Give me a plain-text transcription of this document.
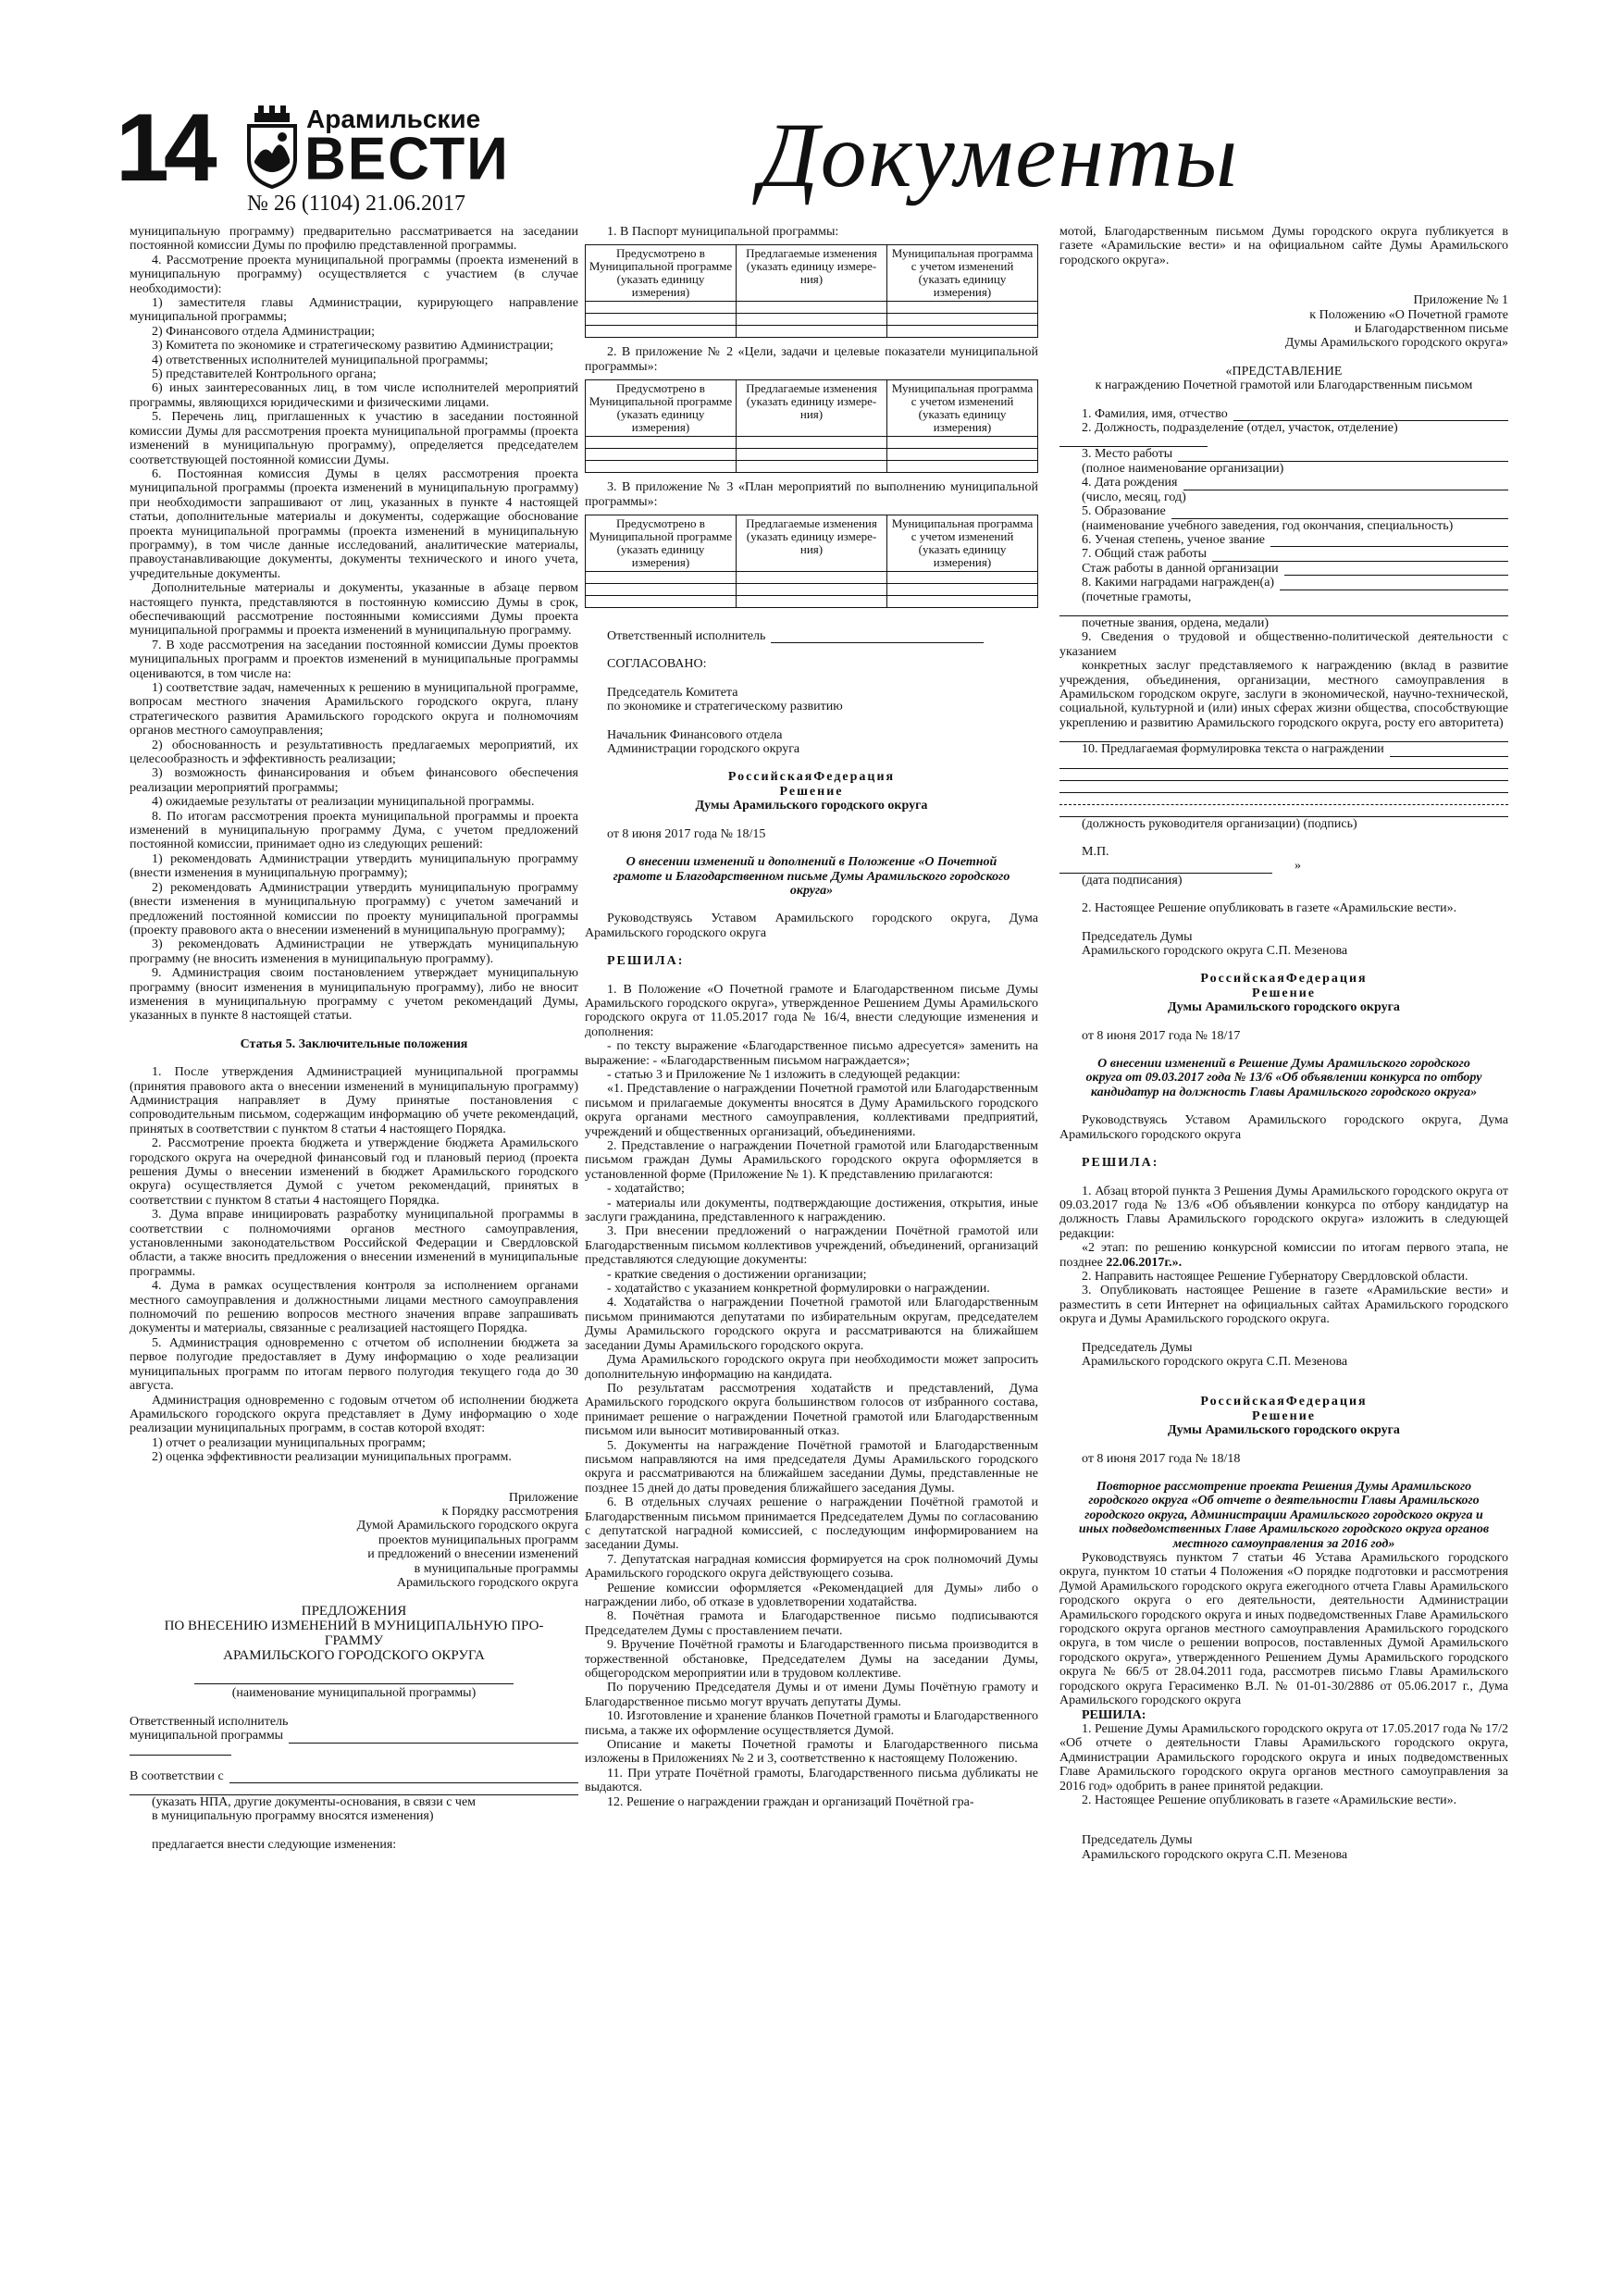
14	Арамильские
ВЕСТИ
№ 26 (1104) 21.06.2017	Документы
муниципальную программу) предварительно рассматривается на заседании постоянной комиссии Думы по профилю представленной программы.
4. Рассмотрение проекта муниципальной программы (проекта изменений в муниципальную программу) осуществляется с участием (в случае необходимости):
1) заместителя главы Администрации, курирующего направление муниципальной программы;
2) Финансового отдела Администрации;
3) Комитета по экономике и стратегическому развитию Администрации;
4) ответственных исполнителей муниципальной программы;
5) представителей Контрольного органа;
6) иных заинтересованных лиц, в том числе исполнителей мероприятий программы, являющихся юридическими и физическими лицами.
5. Перечень лиц, приглашенных к участию в заседании постоянной комиссии Думы для рассмотрения проекта муниципальной программы (проекта изменений в муниципальную программу), определяется председателем соответствующей постоянной комиссии Думы.
6. Постоянная комиссия Думы в целях рассмотрения проекта муниципальной программы (проекта изменений в муниципальную программу) при необходимости запрашивают от лиц, указанных в пункте 4 настоящей статьи, дополнительные материалы и документы, содержащие обоснование проекта муниципальной программы (проекта изменений в муниципальную программу), в том числе данные исследований, аналитические материалы, правоустанавливающие документы, документы технического и иного учета, учредительные документы.
Дополнительные материалы и документы, указанные в абзаце первом настоящего пункта, представляются в постоянную комиссию Думы в срок, обеспечивающий рассмотрение постоянными комиссиями Думы проекта муниципальной программы и проекта изменений в муниципальную программу.
7. В ходе рассмотрения на заседании постоянной комиссии Думы проектов муниципальных программ и проектов изменений в муниципальные программы оцениваются, в том числе на:
1) соответствие задач, намеченных к решению в муниципальной программе, вопросам местного значения Арамильского городского округа, плану стратегического развития Арамильского городского округа и полномочиям органов местного самоуправления;
2) обоснованность и результативность предлагаемых мероприятий, их целесообразность и эффективность реализации;
3) возможность финансирования и объем финансового обеспечения реализации мероприятий программы;
4) ожидаемые результаты от реализации муниципальной программы.
8. По итогам рассмотрения проекта муниципальной программы и проекта изменений в муниципальную программу Дума, с учетом предложений постоянной комиссии, принимает одно из следующих решений:
1) рекомендовать Администрации утвердить муниципальную программу (внести изменения в муниципальную программу);
2) рекомендовать Администрации утвердить муниципальную программу (внести изменения в муниципальную программу) с учетом замечаний и предложений постоянной комиссии по проекту муниципальной программы (проекту правового акта о внесении изменений в муниципальную программу);
3) рекомендовать Администрации не утверждать муниципальную программу (не вносить изменения в муниципальную программу).
9. Администрация своим постановлением утверждает муниципальную программу (вносит изменения в муниципальную программу), либо не вносит изменения в муниципальную программу с учетом рекомендаций Думы, указанных в пункте 8 настоящей статьи.
Статья 5. Заключительные положения
1. После утверждения Администрацией муниципальной программы (принятия правового акта о внесении изменений в муниципальную программу) Администрация направляет в Думу принятые постановления с сопроводительным письмом, содержащим информацию об учете рекомендаций, принятых в соответствии с пунктом 8 статьи 4 настоящего Порядка.
2. Рассмотрение проекта бюджета и утверждение бюджета Арамильского городского округа на очередной финансовый год и плановый период (проекта решения Думы о внесении изменений в бюджет Арамильского городского округа) осуществляется Думой с учетом рекомендаций, принятых в соответствии с пунктом 8 статьи 4 настоящего Порядка.
3. Дума вправе инициировать разработку муниципальной программы в соответствии с полномочиями органов местного самоуправления, установленными законодательством Российской Федерации и Свердловской области, а также вносить предложения о внесении изменений в муниципальные программы.
4. Дума в рамках осуществления контроля за исполнением органами местного самоуправления и должностными лицами местного самоуправления полномочий по решению вопросов местного значения вправе запрашивать документы и материалы, связанные с реализацией настоящего Порядка.
5. Администрация одновременно с отчетом об исполнении бюджета за первое полугодие предоставляет в Думу информацию о ходе реализации муниципальных программ по итогам первого полугодия текущего года до 30 августа.
Администрация одновременно с годовым отчетом об исполнении бюджета Арамильского городского округа представляет в Думу информацию о ходе реализации муниципальных программ, в состав которой входят:
1) отчет о реализации муниципальных программ;
2) оценка эффективности реализации муниципальных программ.
Приложение
к Порядку рассмотрения
Думой Арамильского городского округа
проектов муниципальных программ
и предложений о внесении изменений
в муниципальные программы
Арамильского городского округа
ПРЕДЛОЖЕНИЯ
ПО ВНЕСЕНИЮ ИЗМЕНЕНИЙ В МУНИЦИПАЛЬНУЮ ПРО-
ГРАММУ
АРАМИЛЬСКОГО ГОРОДСКОГО ОКРУГА
(наименование муниципальной программы)
Ответственный исполнитель
муниципальной программы
В соответствии с
(указать НПА, другие документы-основания, в связи с чем
в муниципальную программу вносятся изменения)
предлагается внести следующие изменения:
1. В Паспорт муниципальной программы:
Предусмотрено в Муниципальной программе (указать единицу измерения)	Предлагаемые изменения (указать единицу измере-ния)	Муниципальная программа с учетом изменений (указать единицу измерения)

2. В приложение № 2 «Цели, задачи и целевые показатели муниципальной программы»:
Предусмотрено в Муниципальной программе (указать единицу измерения)	Предлагаемые изменения (указать единицу измере-ния)	Муниципальная программа с учетом изменений (указать единицу измерения)

3. В приложение № 3 «План мероприятий по выполнению муниципальной программы»:
Предусмотрено в Муниципальной программе (указать единицу измерения)	Предлагаемые изменения (указать единицу измере-ния)	Муниципальная программа с учетом изменений (указать единицу измерения)

Ответственный исполнитель
СОГЛАСОВАНО:
Председатель Комитета
по экономике и стратегическому развитию
Начальник Финансового отдела
Администрации городского округа
РоссийскаяФедерация
Решение
Думы Арамильского городского округа
от 8 июня 2017 года № 18/15
О внесении изменений и дополнений в Положение «О Почетной грамоте и Благодарственном письме Думы Арамильского городского округа»
Руководствуясь Уставом Арамильского городского округа, Дума Арамильского городского округа
РЕШИЛА:
1. В Положение «О Почетной грамоте и Благодарственном письме Думы Арамильского городского округа», утвержденное Решением Думы Арамильского городского округа от 11.05.2017 года № 16/4, внести следующие изменения и дополнения:
- по тексту выражение «Благодарственное письмо адресуется» заменить на выражение: - «Благодарственным письмом награждается»;
- статью 3 и Приложение № 1 изложить в следующей редакции:
«1. Представление о награждении Почетной грамотой или Благодарственным письмом и прилагаемые документы вносятся в Думу Арамильского городского округа органами местного самоуправления, коллективами предприятий, учреждений и общественных организаций, объединениями.
2. Представление о награждении Почетной грамотой или Благодарственным письмом граждан Думы Арамильского городского округа оформляется в установленной форме (Приложение № 1). К представлению прилагаются:
- ходатайство;
- материалы или документы, подтверждающие достижения, открытия, иные заслуги гражданина, представленного к награждению.
3. При внесении предложений о награждении Почётной грамотой или Благодарственным письмом коллективов учреждений, объединений, организаций представляются следующие документы:
- краткие сведения о достижении организации;
- ходатайство с указанием конкретной формулировки о награждении.
4. Ходатайства о награждении Почетной грамотой или Благодарственным письмом принимаются депутатами по избирательным округам, председателем Думы Арамильского городского округа и рассматриваются на ближайшем заседании Думы Арамильского городского округа.
Дума Арамильского городского округа при необходимости может запросить дополнительную информацию на кандидата.
По результатам рассмотрения ходатайств и представлений, Дума Арамильского городского округа большинством голосов от избранного состава, принимает решение о награждении Почетной грамотой или Благодарственным письмом или выносит мотивированный отказ.
5. Документы на награждение Почётной грамотой и Благодарственным письмом направляются на имя председателя Думы Арамильского городского округа и рассматриваются на ближайшем заседании Думы, представленные не позднее 15 дней до даты проведения ближайшего заседания Думы.
6. В отдельных случаях решение о награждении Почётной грамотой и Благодарственным письмом принимается Председателем Думы по согласованию с депутатской наградной комиссией, с последующим информированием на заседании Думы.
7. Депутатская наградная комиссия формируется на срок полномочий Думы Арамильского городского округа действующего созыва.
Решение комиссии оформляется «Рекомендацией для Думы» либо о награждении либо, об отказе в удовлетворении ходатайства.
8. Почётная грамота и Благодарственное письмо подписываются Председателем Думы с проставлением печати.
9. Вручение Почётной грамоты и Благодарственного письма производится в торжественной обстановке, Председателем Думы на заседании Думы, общегородском мероприятии или в трудовом коллективе.
По поручению Председателя Думы и от имени Думы Почётную грамоту и Благодарственное письмо могут вручать депутаты Думы.
10. Изготовление и хранение бланков Почетной грамоты и Благодарственного письма, а также их оформление осуществляется Думой.
Описание и макеты Почетной грамоты и Благодарственного письма изложены в Приложениях № 2 и 3, соответственно к настоящему Положению.
11. При утрате Почётной грамоты, Благодарственного письма дубликаты не выдаются.
12. Решение о награждении граждан и организаций Почётной гра-
мотой, Благодарственным письмом Думы городского округа публикуется в газете «Арамильские вести» и на официальном сайте Думы Арамильского городского округа».
Приложение № 1
к Положению «О Почетной грамоте
и Благодарственном письме
Думы Арамильского городского округа»
«ПРЕДСТАВЛЕНИЕ
к награждению Почетной грамотой или Благодарственным письмом
1. Фамилия, имя, отчество
2. Должность, подразделение (отдел, участок, отделение)
3. Место работы
(полное наименование организации)
4. Дата рождения
(число, месяц, год)
5. Образование
(наименование учебного заведения, год окончания, специальность)
6. Ученая степень, ученое звание
7. Общий стаж работы
Стаж работы в данной организации
8. Какими наградами награжден(а)
(почетные грамоты,
почетные звания, ордена, медали)
9. Сведения о трудовой и общественно-политической деятельности с указанием
конкретных заслуг представляемого к награждению (вклад в развитие учреждения, объединения, организации, местного самоуправления в Арамильском городском округе, заслуги в экономической, научно-технической, социальной, культурной и (или) иных сферах жизни общества, способствующие укреплению и развитию Арамильского городского округа, росту его авторитета)
10. Предлагаемая формулировка текста о награждении
(должность руководителя организации) (подпись)
М.П.
»
(дата подписания)
2. Настоящее Решение опубликовать в газете «Арамильские вести».
Председатель Думы
Арамильского городского округа С.П. Мезенова
РоссийскаяФедерация
Решение
Думы Арамильского городского округа
от 8 июня 2017 года № 18/17
О внесении изменений в Решение Думы Арамильского городского округа от 09.03.2017 года № 13/6 «Об объявлении конкурса по отбору кандидатур на должность Главы Арамильского городского округа»
Руководствуясь Уставом Арамильского городского округа, Дума Арамильского городского округа
РЕШИЛА:
1. Абзац второй пункта 3 Решения Думы Арамильского городского округа от 09.03.2017 года № 13/6 «Об объявлении конкурса по отбору кандидатур на должность Главы Арамильского городского округа» изложить в следующей редакции:
«2 этап: по решению конкурсной комиссии по итогам первого этапа, не позднее 22.06.2017г.».
2. Направить настоящее Решение Губернатору Свердловской области.
3. Опубликовать настоящее Решение в газете «Арамильские вести» и разместить в сети Интернет на официальных сайтах Арамильского городского округа и Думы Арамильского городского округа.
Председатель Думы
Арамильского городского округа С.П. Мезенова
РоссийскаяФедерация
Решение
Думы Арамильского городского округа
от 8 июня 2017 года № 18/18
Повторное рассмотрение проекта Решения Думы Арамильского городского округа «Об отчете о деятельности Главы Арамильского городского округа, Администрации Арамильского городского округа и иных подведомственных Главе Арамильского городского округа органов местного самоуправления за 2016 год»
Руководствуясь пунктом 7 статьи 46 Устава Арамильского городского округа, пунктом 10 статьи 4 Положения «О порядке подготовки и рассмотрения Думой Арамильского городского округа ежегодного отчета Главы Арамильского городского округа о его деятельности, деятельности Администрации Арамильского городского округа и иных подведомственных Главе Арамильского городского округа органов местного самоуправления Арамильского городского округа, в том числе о решении вопросов, поставленных Думой Арамильского городского округа», утвержденного Решением Думы Арамильского городского округа № 66/5 от 28.04.2011 года, рассмотрев письмо Главы Арамильского городского округа Герасименко В.Л. № 01-01-30/2886 от 05.06.2017 г., Дума Арамильского городского округа
РЕШИЛА:
1. Решение Думы Арамильского городского округа от 17.05.2017 года № 17/2 «Об отчете о деятельности Главы Арамильского городского округа, Администрации Арамильского городского округа и иных подведомственных Главе Арамильского городского округа органов местного самоуправления за 2016 год» одобрить в ранее принятой редакции.
2. Настоящее Решение опубликовать в газете «Арамильские вести».
Председатель Думы
Арамильского городского округа С.П. Мезенова
